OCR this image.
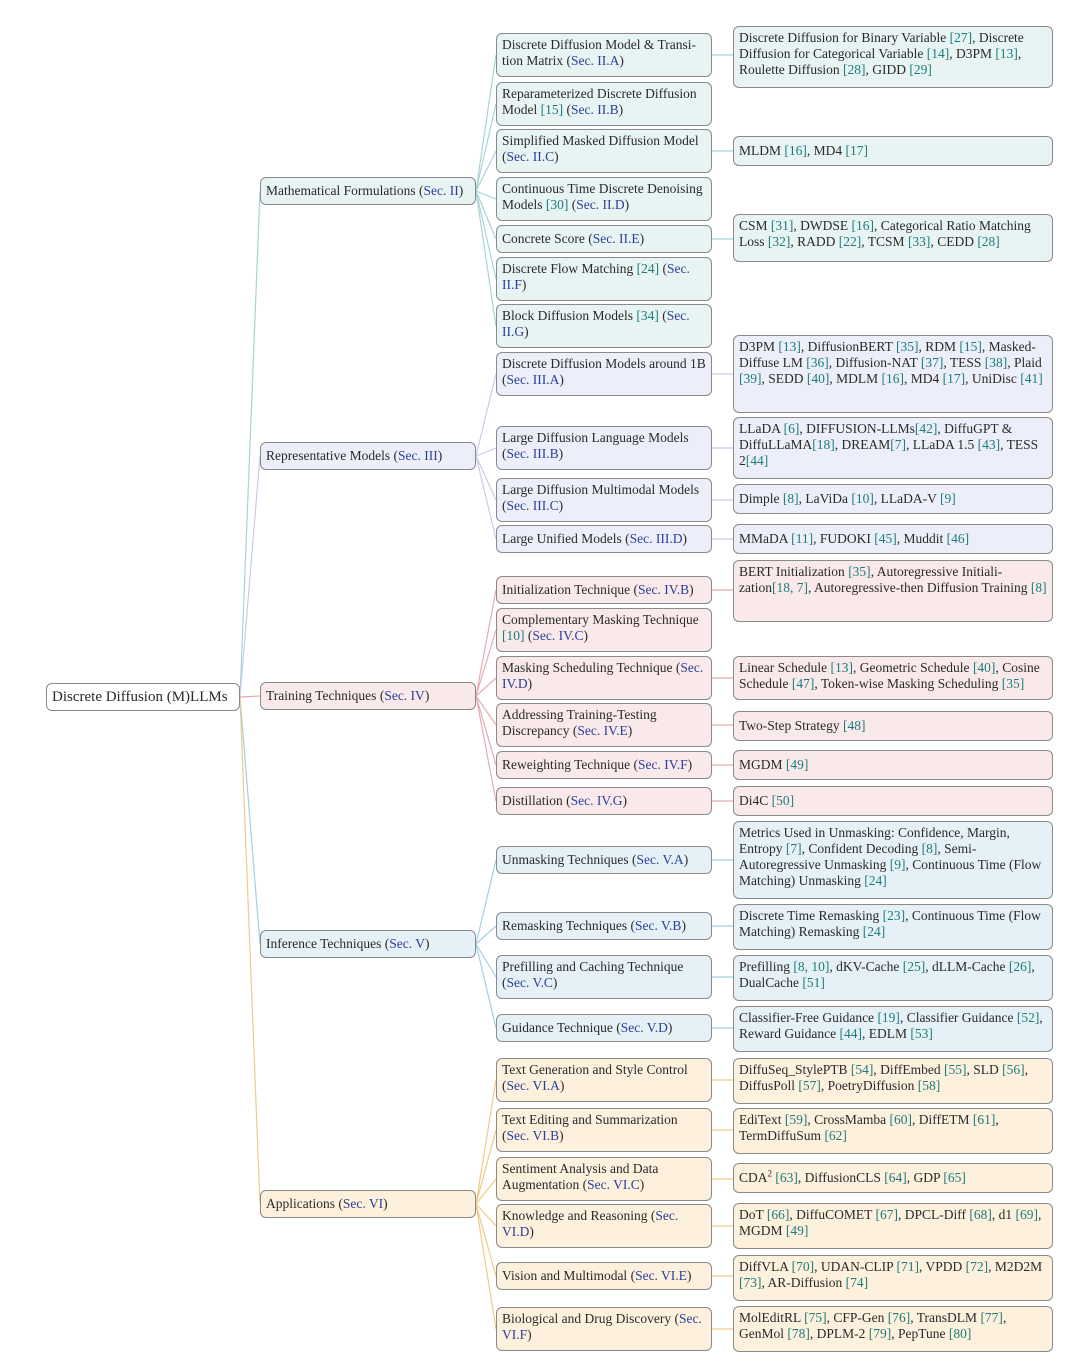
Discrete Diffusion (M)LLMs
Mathematical Formulations (Sec. II)
Discrete Diffusion Model & Transi-tion Matrix (Sec. II.A)
Discrete Diffusion for Binary Variable [27], Discrete Diffusion for Categorical Variable [14], D3PM [13], Roulette Diffusion [28], GIDD [29]
Reparameterized Discrete Diffusion Model [15] (Sec. II.B)
Simplified Masked Diffusion Model (Sec. II.C)	MLDM [16], MD4 [17]
Continuous Time Discrete Denoising Models [30] (Sec. II.D)
Concrete Score (Sec. II.E)
CSM [31], DWDSE [16], Categorical Ratio Matching Loss [32], RADD [22], TCSM [33], CEDD [28]
Discrete Flow Matching [24] (Sec. II.F)
Block Diffusion Models [34] (Sec. II.G)
Representative Models (Sec. III)
Discrete Diffusion Models around 1B (Sec. III.A)
D3PM [13], DiffusionBERT [35], RDM [15], Masked-Diffuse LM [36], Diffusion-NAT [37], TESS [38], Plaid [39], SEDD [40], MDLM [16], MD4 [17], UniDisc [41]
Large Diffusion Language Models (Sec. III.B)
LLaDA [6], DIFFUSION-LLMs[42], DiffuGPT & DiffuLLaMA[18], DREAM[7], LLaDA 1.5 [43], TESS 2[44]
Large Diffusion Multimodal Models (Sec. III.C)	Dimple [8], LaViDa [10], LLaDA-V [9]
Large Unified Models (Sec. III.D)	MMaDA [11], FUDOKI [45], Muddit [46]
Training Techniques (Sec. IV)
Initialization Technique (Sec. IV.B)
BERT Initialization [35], Autoregressive Initiali-zation[18, 7], Autoregressive-then Diffusion Training [8]
Complementary Masking Technique [10] (Sec. IV.C)
Masking Scheduling Technique (Sec. IV.D)
Linear Schedule [13], Geometric Schedule [40], Cosine Schedule [47], Token-wise Masking Scheduling [35]
Addressing Training-Testing Discrepancy (Sec. IV.E)	Two-Step Strategy [48]
Reweighting Technique (Sec. IV.F)	MGDM [49]
Distillation (Sec. IV.G)	Di4C [50]
Inference Techniques (Sec. V)
Unmasking Techniques (Sec. V.A)
Metrics Used in Unmasking: Confidence, Margin, Entropy [7], Confident Decoding [8], Semi-Autoregressive Unmasking [9], Continuous Time (Flow Matching) Unmasking [24]
Remasking Techniques (Sec. V.B)
Discrete Time Remasking [23], Continuous Time (Flow Matching) Remasking [24]
Prefilling and Caching Technique (Sec. V.C)
Prefilling [8, 10], dKV-Cache [25], dLLM-Cache [26], DualCache [51]
Guidance Technique (Sec. V.D)
Classifier-Free Guidance [19], Classifier Guidance [52], Reward Guidance [44], EDLM [53]
Applications (Sec. VI)
Text Generation and Style Control (Sec. VI.A)
DiffuSeq_StylePTB [54], DiffEmbed [55], SLD [56], DiffusPoll [57], PoetryDiffusion [58]
Text Editing and Summarization (Sec. VI.B)
EdiText [59], CrossMamba [60], DiffETM [61], TermDiffuSum [62]
Sentiment Analysis and Data Augmentation (Sec. VI.C)	CDA$^2$ [63], DiffusionCLS [64], GDP [65]
Knowledge and Reasoning (Sec. VI.D)
DoT [66], DiffuCOMET [67], DPCL-Diff [68], d1 [69], MGDM [49]
Vision and Multimodal (Sec. VI.E)
DiffVLA [70], UDAN-CLIP [71], VPDD [72], M2D2M [73], AR-Diffusion [74]
Biological and Drug Discovery (Sec. VI.F)
MolEditRL [75], CFP-Gen [76], TransDLM [77], GenMol [78], DPLM-2 [79], PepTune [80]
